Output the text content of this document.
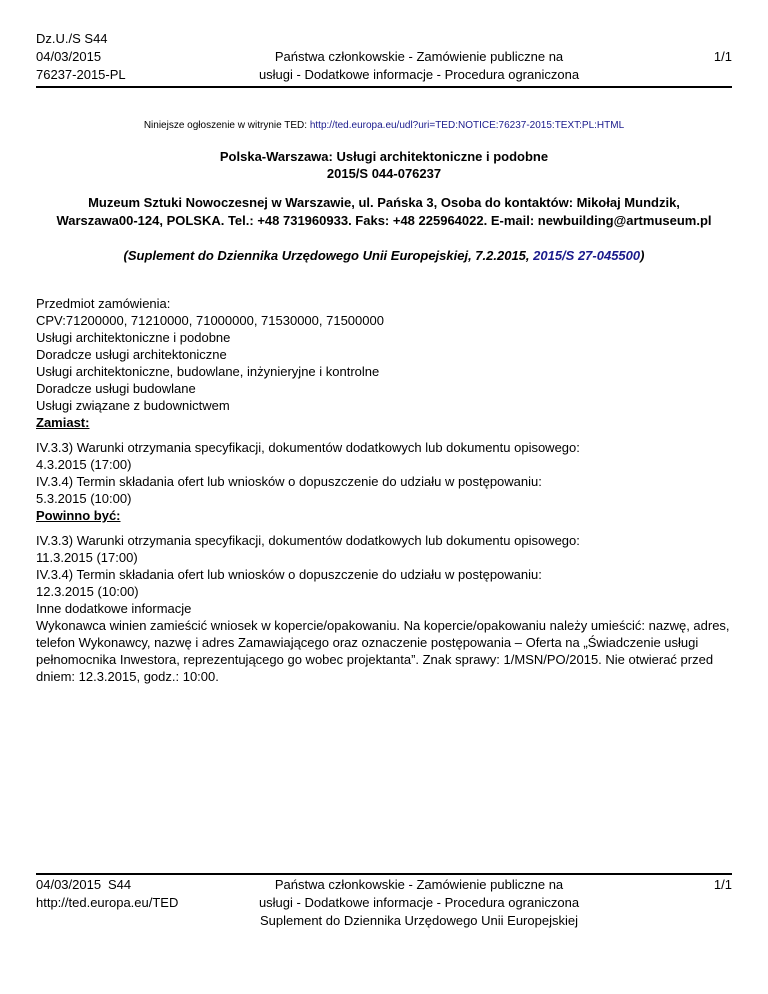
Dz.U./S S44
04/03/2015
76237-2015-PL
Państwa członkowskie - Zamówienie publiczne na
usługi - Dodatkowe informacje - Procedura ograniczona
1/1
Niniejsze ogłoszenie w witrynie TED: http://ted.europa.eu/udl?uri=TED:NOTICE:76237-2015:TEXT:PL:HTML
Polska-Warszawa: Usługi architektoniczne i podobne
2015/S 044-076237
Muzeum Sztuki Nowoczesnej w Warszawie, ul. Pańska 3, Osoba do kontaktów: Mikołaj Mundzik,
Warszawa00-124, POLSKA. Tel.: +48 731960933. Faks: +48 225964022. E-mail: newbuilding@artmuseum.pl
(Suplement do Dziennika Urzędowego Unii Europejskiej, 7.2.2015, 2015/S 27-045500)

Przedmiot zamówienia:

CPV:71200000, 71210000, 71000000, 71530000, 71500000

Usługi architektoniczne i podobne

Doradcze usługi architektoniczne

Usługi architektoniczne, budowlane, inżynieryjne i kontrolne

Doradcze usługi budowlane

Usługi związane z budownictwem

Zamiast:

IV.3.3) Warunki otrzymania specyfikacji, dokumentów dodatkowych lub dokumentu opisowego:

4.3.2015 (17:00)

IV.3.4) Termin składania ofert lub wniosków o dopuszczenie do udziału w postępowaniu:

5.3.2015 (10:00)

Powinno być:

IV.3.3) Warunki otrzymania specyfikacji, dokumentów dodatkowych lub dokumentu opisowego:

11.3.2015 (17:00)

IV.3.4) Termin składania ofert lub wniosków o dopuszczenie do udziału w postępowaniu:

12.3.2015 (10:00)

Inne dodatkowe informacje

Wykonawca winien zamieścić wniosek w kopercie/opakowaniu. Na kopercie/opakowaniu należy umieścić: nazwę, adres,

telefon Wykonawcy, nazwę i adres Zamawiającego oraz oznaczenie postępowania – Oferta na „Świadczenie usługi

pełnomocnika Inwestora, reprezentującego go wobec projektanta”. Znak sprawy: 1/MSN/PO/2015. Nie otwierać przed

dniem: 12.3.2015, godz.: 10:00.

04/03/2015 S44
http://ted.europa.eu/TED
Państwa członkowskie - Zamówienie publiczne na
usługi - Dodatkowe informacje - Procedura ograniczona
Suplement do Dziennika Urzędowego Unii Europejskiej
1/1
